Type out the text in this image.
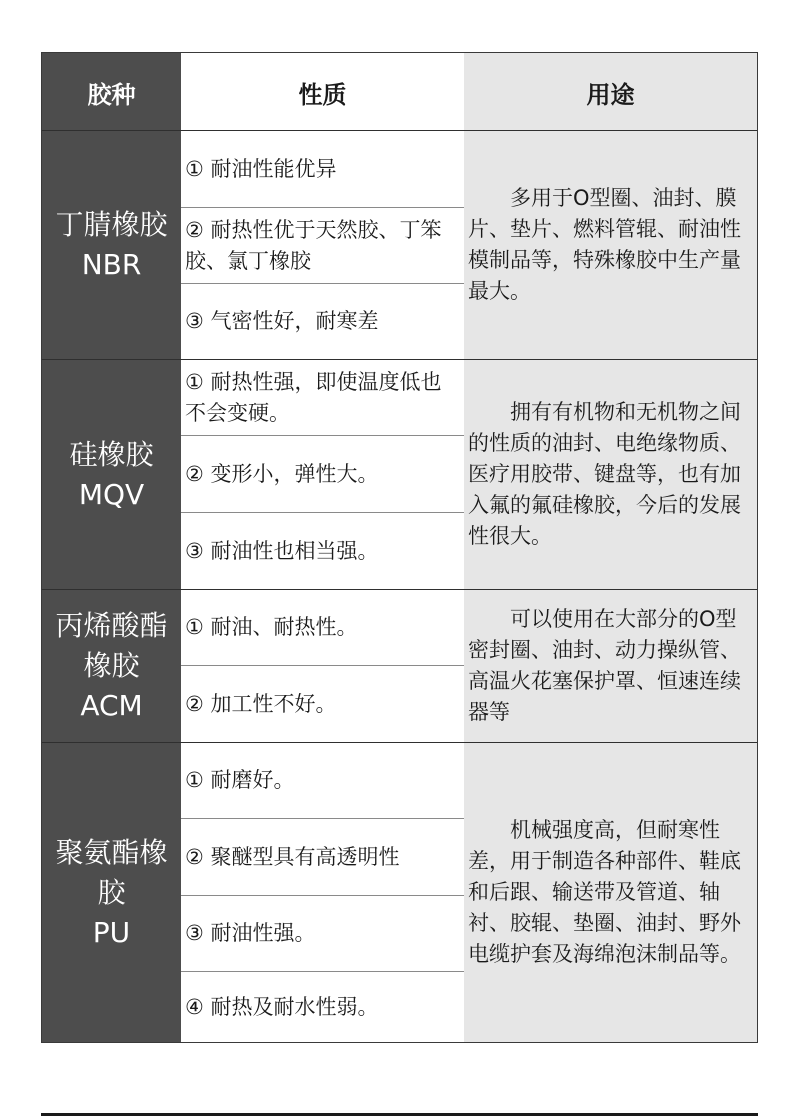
胶种	性质	用途
丁腈橡胶
NBR
① 耐油性能优异
② 耐热性优于天然胶、丁笨胶、氯丁橡胶
③ 气密性好，耐寒差
多用于O型圈、油封、膜片、垫片、燃料管辊、耐油性模制品等，特殊橡胶中生产量最大。
硅橡胶
MQV
① 耐热性强，即使温度低也不会变硬。
② 变形小，弹性大。
③ 耐油性也相当强。
拥有有机物和无机物之间的性质的油封、电绝缘物质、医疗用胶带、键盘等，也有加入氟的氟硅橡胶，今后的发展性很大。
丙烯酸酯
橡胶
ACM
① 耐油、耐热性。
② 加工性不好。
可以使用在大部分的O型密封圈、油封、动力操纵管、高温火花塞保护罩、恒速连续器等
聚氨酯橡
胶
PU
① 耐磨好。
② 聚醚型具有高透明性
③ 耐油性强。
④ 耐热及耐水性弱。
机械强度高，但耐寒性差，用于制造各种部件、鞋底和后跟、输送带及管道、轴衬、胶辊、垫圈、油封、野外电缆护套及海绵泡沫制品等。
